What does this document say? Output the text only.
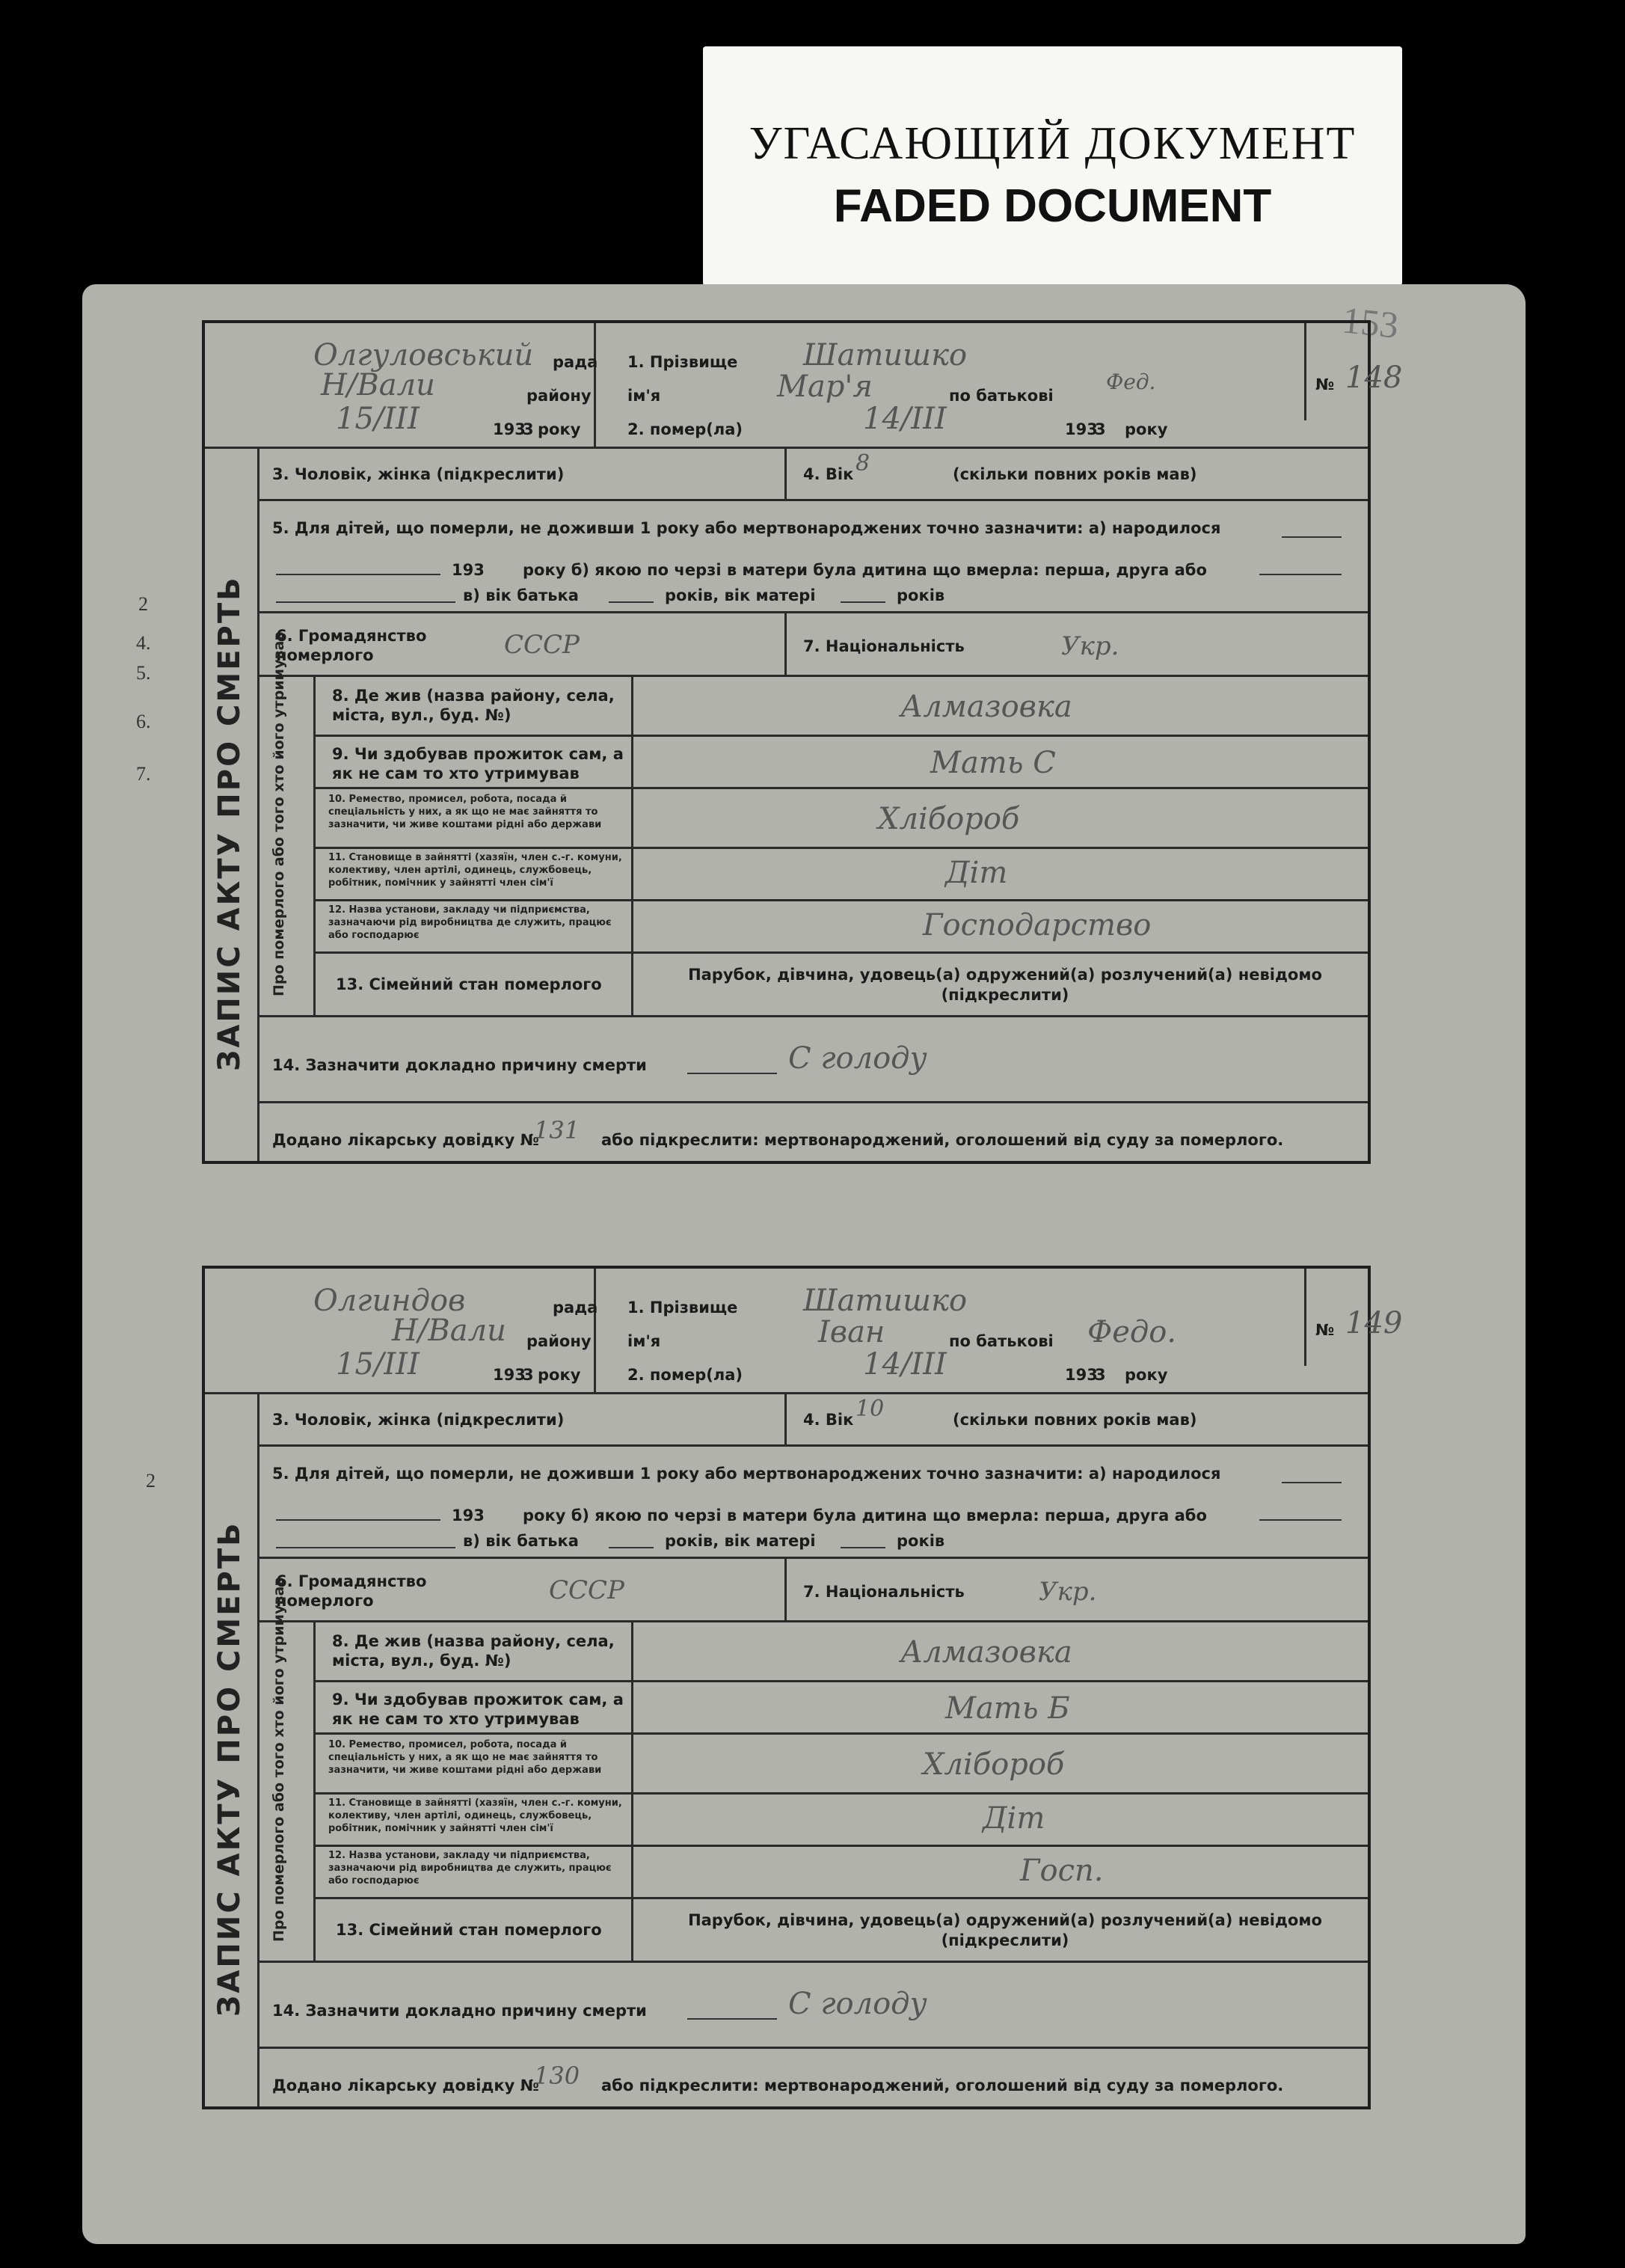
УГАСАЮЩИЙ ДОКУМЕНТ
FADED DOCUMENT
153
2
4.
5.
6.
7.
2
Олгуловський рада
Н/Вали	району
15/III	193
3 року
1. Прізвище Шатишко
ім'я	Мар'я	по батькові
Фед.
2. помер(ла)	14/III	193
3 року
№ 148
3. Чоловік, жінка (підкреслити)	4. Вік 8	(скільки повних років мав)
5. Для дітей, що померли, не доживши 1 року або мертвонароджених точно зазначити: а) народилося
193 року б) якою по черзі в матери була дитина що вмерла: перша, друга або
в) вік батька	років, вік матері	років
6. Громадянство померлого	СССР	7. Національність	Укр.
ЗАПИС АКТУ ПРО СМЕРТЬ Про померлого або того хто його утримував	8. Де жив (назва району, села, міста, вул., буд. №)	Алмазовка
9. Чи здобував прожиток сам, а як не сам то хто утримував	Мать С
10. Ремество, промисел, робота, посада й спеціальність у них, а як що не має зайняття то зазначити, чи живе коштами рідні або держави	Хлібороб
11. Становище в зайнятті (хазяїн, член с.-г. комуни, колективу, член артілі, одинець, службовець, робітник, помічник у зайнятті член сім'ї	Діт
12. Назва установи, закладу чи підприємства, зазначаючи рід виробництва де служить, працює або господарює	Господарство
13. Сімейний стан померлого
Парубок, дівчина, удовець(а) одружений(а) розлучений(а) невідомо (підкреслити)
14. Зазначити докладно причину смерти	С голоду
Додано лікарську довідку №
131 або підкреслити: мертвонароджений, оголошений від суду за померлого.
Олгиндов	рада
Н/Вали району
15/III	193
3 року
1. Прізвище Шатишко
ім'я	Іван	по батькові Федо.
2. помер(ла)	14/III	193
3 року
№ 149
3. Чоловік, жінка (підкреслити)	4. Вік 10	(скільки повних років мав)
5. Для дітей, що померли, не доживши 1 року або мертвонароджених точно зазначити: а) народилося
193 року б) якою по черзі в матери була дитина що вмерла: перша, друга або
в) вік батька	років, вік матері	років
6. Громадянство померлого	СССР	7. Національність	Укр.
ЗАПИС АКТУ ПРО СМЕРТЬ Про померлого або того хто його утримував	8. Де жив (назва району, села, міста, вул., буд. №)	Алмазовка
9. Чи здобував прожиток сам, а як не сам то хто утримував	Мать Б
10. Ремество, промисел, робота, посада й спеціальність у них, а як що не має зайняття то зазначити, чи живе коштами рідні або держави	Хлібороб
11. Становище в зайнятті (хазяїн, член с.-г. комуни, колективу, член артілі, одинець, службовець, робітник, помічник у зайнятті член сім'ї	Діт
12. Назва установи, закладу чи підприємства, зазначаючи рід виробництва де служить, працює або господарює	Госп.
13. Сімейний стан померлого
Парубок, дівчина, удовець(а) одружений(а) розлучений(а) невідомо (підкреслити)
14. Зазначити докладно причину смерти	С голоду
Додано лікарську довідку №
130 або підкреслити: мертвонароджений, оголошений від суду за померлого.
